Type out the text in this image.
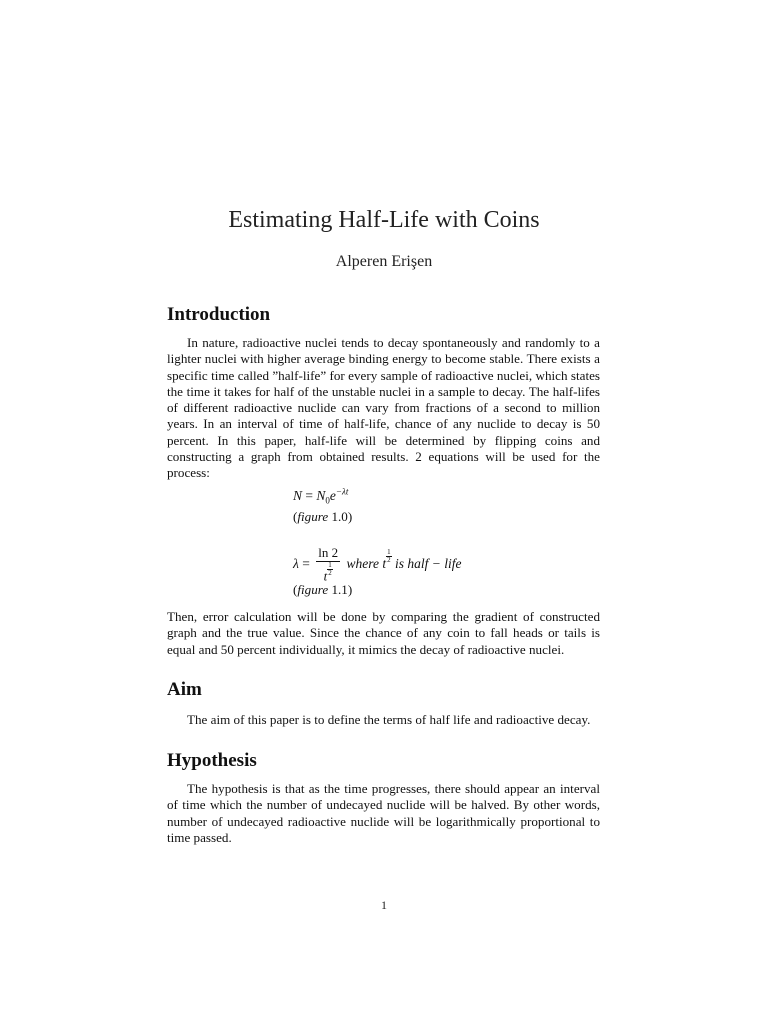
Estimating Half-Life with Coins
Alperen Erişen
Introduction
In nature, radioactive nuclei tends to decay spontaneously and randomly to a lighter nuclei with higher average binding energy to become stable. There exists a specific time called ”half-life” for every sample of radioactive nuclei, which states the time it takes for half of the unstable nuclei in a sample to decay. The half-lifes of different radioactive nuclide can vary from fractions of a second to million years. In an interval of time of half-life, chance of any nuclide to decay is 50 percent. In this paper, half-life will be determined by flipping coins and constructing a graph from obtained results. 2 equations will be used for the process:
$N = N_0e^{-\lambda t}$
(figure 1.0)
$\lambda = \frac{\ln 2}{t \frac{1}{2}}$ where t $\frac{1}{2}$ is half − life
(figure 1.1)
Then, error calculation will be done by comparing the gradient of constructed graph and the true value. Since the chance of any coin to fall heads or tails is equal and 50 percent individually, it mimics the decay of radioactive nuclei.
Aim
The aim of this paper is to define the terms of half life and radioactive decay.
Hypothesis
The hypothesis is that as the time progresses, there should appear an interval of time which the number of undecayed nuclide will be halved. By other words, number of undecayed radioactive nuclide will be logarithmically proportional to time passed.
1
